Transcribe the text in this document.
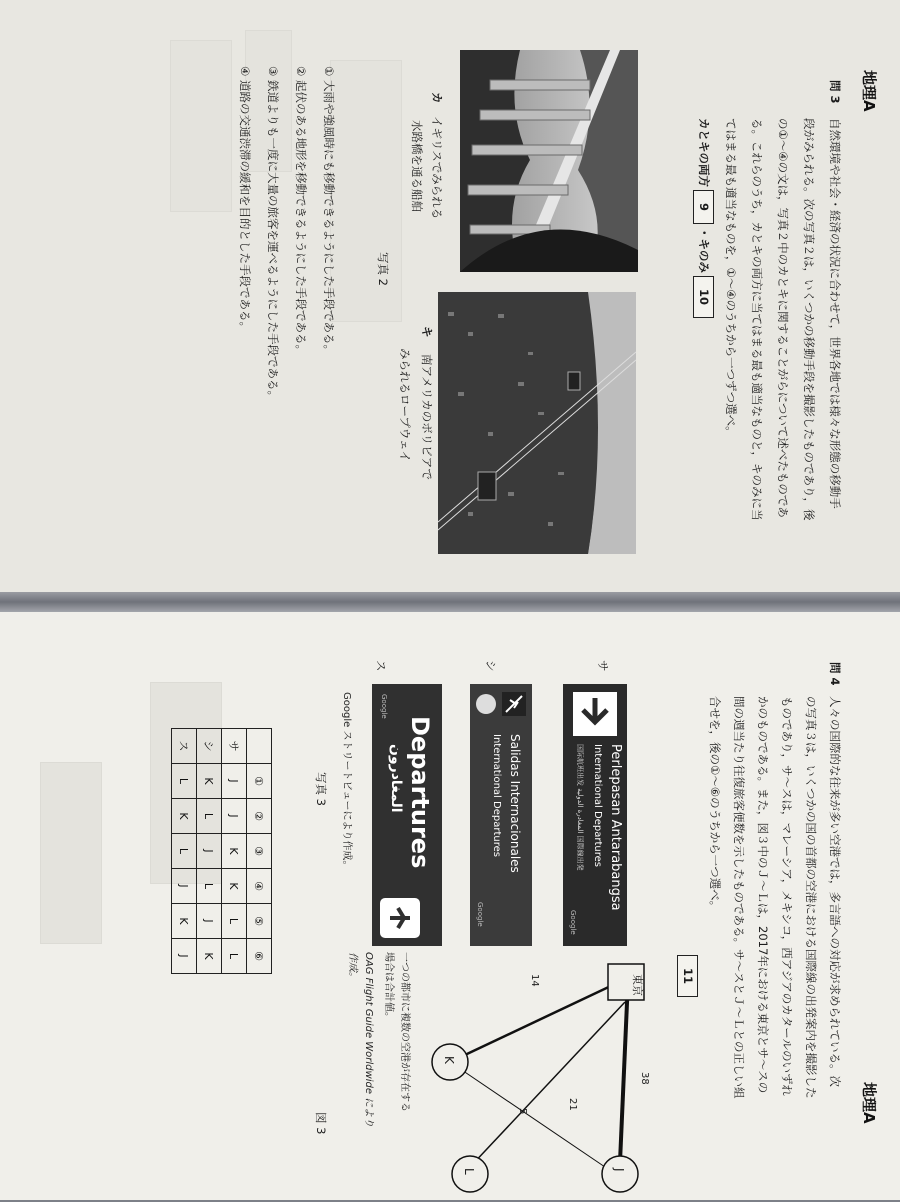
地理A
問 3
自然環境や社会・経済の状況に合わせて，世界各地では様々な形態の移動手
段がみられる。次の写真２は，いくつかの移動手段を撮影したものであり，後
の①～④の文は，写真２中のカとキに関することがらについて述べたものであ
る。これらのうち，カとキの両方に当てはまる最も適当なものと，キのみに当
てはまる最も適当なものを，①～④のうちから一つずつ選べ。
カとキの両方9・キのみ10
カ
イギリスでみられる
水路橋を通る船舶
キ
南アメリカのボリビアで
みられるロープウェイ
写真 2
① 大雨や強風時にも移動できるようにした手段である。
② 起伏のある地形を移動できるようにした手段である。
③ 鉄道よりも一度に大量の旅客を運べるようにした手段である。
④ 道路の交通渋滞の緩和を目的とした手段である。
地理A
問 4
人々の国際的な往来が多い空港では，多言語への対応が求められている。次
の写真３は，いくつかの国の首都の空港における国際線の出発案内を撮影した
ものであり，サ～スは，マレーシア，メキシコ，西アジアのカタールのいずれ
かのものである。また，図３中のＪ～Ｌは，2017年における東京とサ～スの
間の週当たり往復旅客便数を示したものである。サ～スとＪ～Ｌとの正しい組
合せを，後の①～⑥のうちから一つ選べ。
11
サ
シ
ス
Perlepasan Antarabangsa
International Departures
国际航班出发 المغادرة الدولية 国際線出発
Google
Salidas Internacionales
International Departures
Google
Departures
المغادرون
Google
Google ストリートビューにより作成。
写真 3
東京
J
K
L
38
14
21
5
一つの都市に複数の空港が存在する
場合は合計値。
OAG Flight Guide Worldwide により
作成。
図 3
	①	②	③	④	⑤	⑥
サ	J	J	K	K	L	L
シ	K	L	J	L	J	K
ス	L	K	L	J	K	J
